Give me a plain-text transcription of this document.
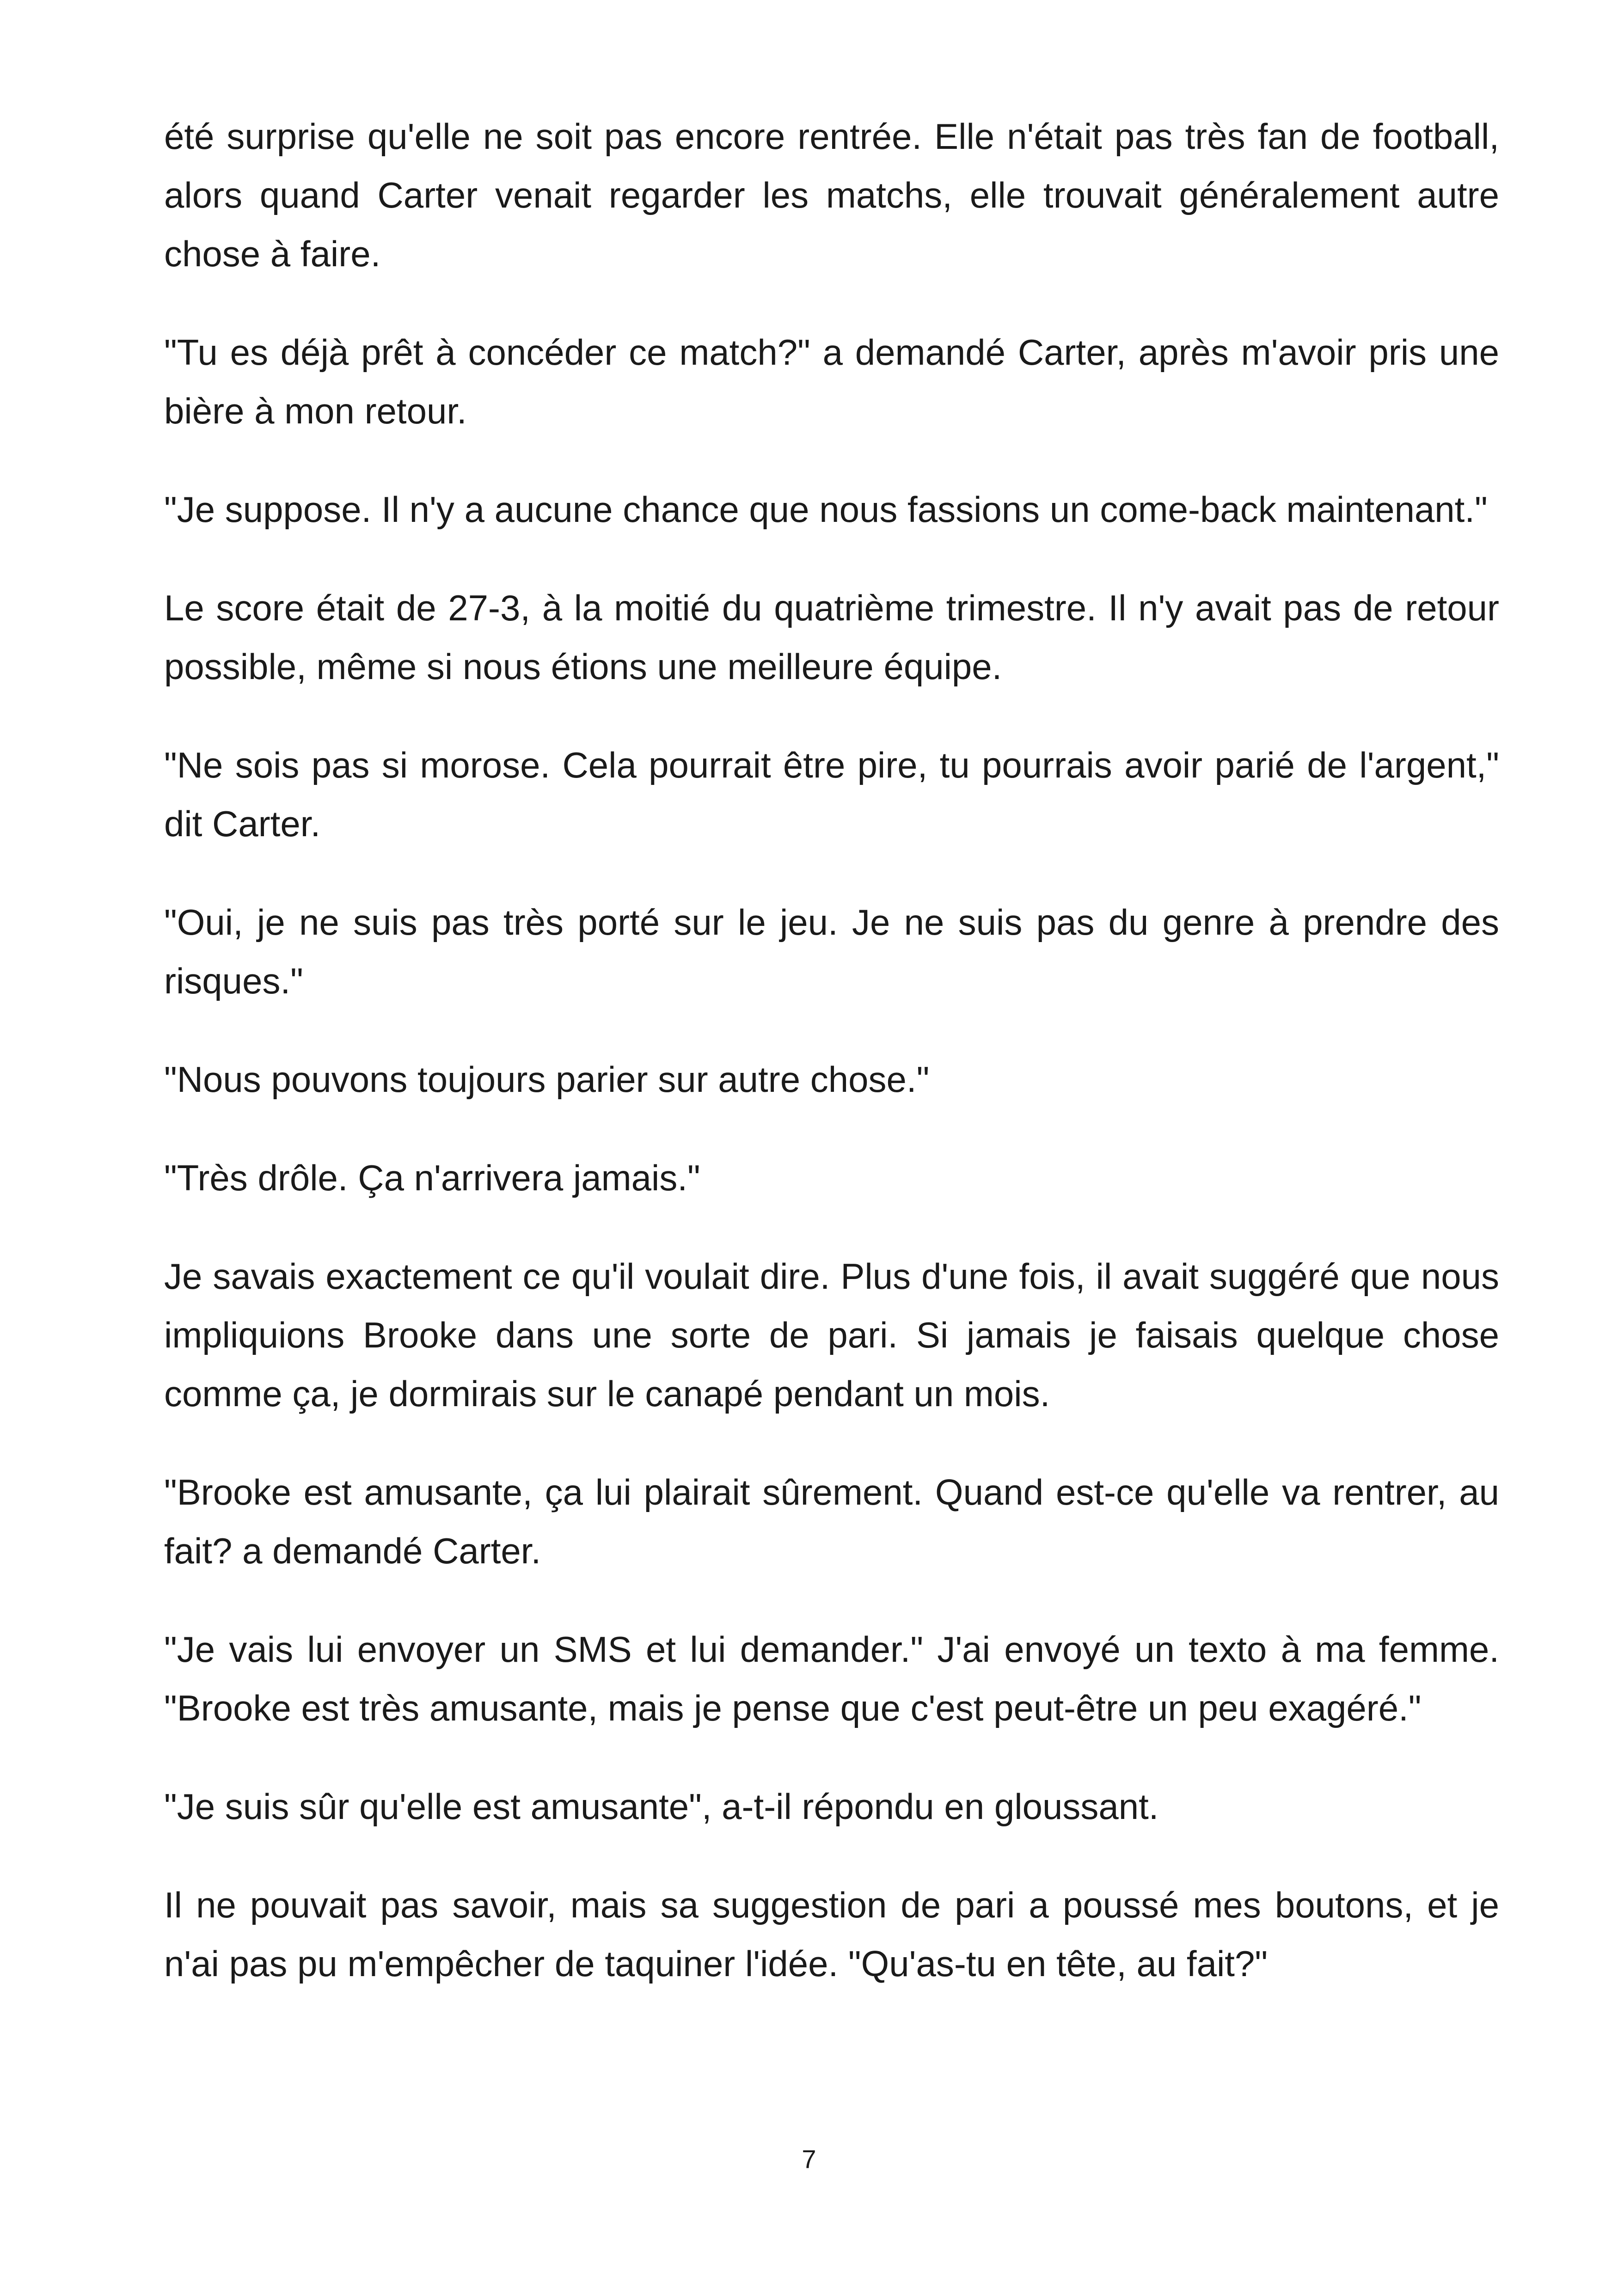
été surprise qu'elle ne soit pas encore rentrée. Elle n'était pas très fan de football, alors quand Carter venait regarder les matchs, elle trouvait généralement autre chose à faire.

"Tu es déjà prêt à concéder ce match?" a demandé Carter, après m'avoir pris une bière à mon retour.

"Je suppose. Il n'y a aucune chance que nous fassions un come-back maintenant."

Le score était de 27-3, à la moitié du quatrième trimestre. Il n'y avait pas de retour possible, même si nous étions une meilleure équipe.

"Ne sois pas si morose. Cela pourrait être pire, tu pourrais avoir parié de l'argent," dit Carter.

"Oui, je ne suis pas très porté sur le jeu. Je ne suis pas du genre à prendre des risques."

"Nous pouvons toujours parier sur autre chose."

"Très drôle. Ça n'arrivera jamais."

Je savais exactement ce qu'il voulait dire. Plus d'une fois, il avait suggéré que nous impliquions Brooke dans une sorte de pari. Si jamais je faisais quelque chose comme ça, je dormirais sur le canapé pendant un mois.

"Brooke est amusante, ça lui plairait sûrement. Quand est-ce qu'elle va rentrer, au fait? a demandé Carter.

"Je vais lui envoyer un SMS et lui demander." J'ai envoyé un texto à ma femme. "Brooke est très amusante, mais je pense que c'est peut-être un peu exagéré."

"Je suis sûr qu'elle est amusante", a-t-il répondu en gloussant.

Il ne pouvait pas savoir, mais sa suggestion de pari a poussé mes boutons, et je n'ai pas pu m'empêcher de taquiner l'idée. "Qu'as-tu en tête, au fait?"

7
